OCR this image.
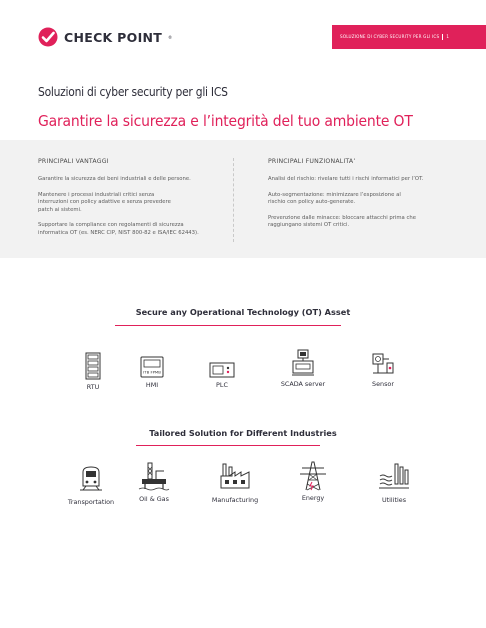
CHECK POINT ®	SOLUZIONE DI CYBER SECURITY PER GLI ICS 1
Soluzioni di cyber security per gli ICS
Garantire la sicurezza e l’integrità del tuo ambiente OT
PRINCIPALI VANTAGGI
Garantire la sicurezza dei beni industriali e delle persone.
Mantenere i processi industriali critici senza
interruzioni con policy adattive e senza prevedere
patch ai sistemi.
Supportare la compliance con regolamenti di sicurezza
informatica OT (es. NERC CIP, NIST 800-82 e ISA/IEC 62443).
PRINCIPALI FUNZIONALITA’
Analisi del rischio: rivelare tutti i rischi informatici per l’OT.
Auto-segmentazione: minimizzare l’esposizione al
rischio con policy auto-generate.
Prevenzione dalle minacce: bloccare attacchi prima che
raggiungano sistemi OT critici.
Secure any Operational Technology (OT) Asset
RTU
ITB FPMB
HMI	PLC	SCADA server	Sensor
Tailored Solution for Different Industries
Transportation	Oil & Gas	Manufacturing	Energy	Utilities
